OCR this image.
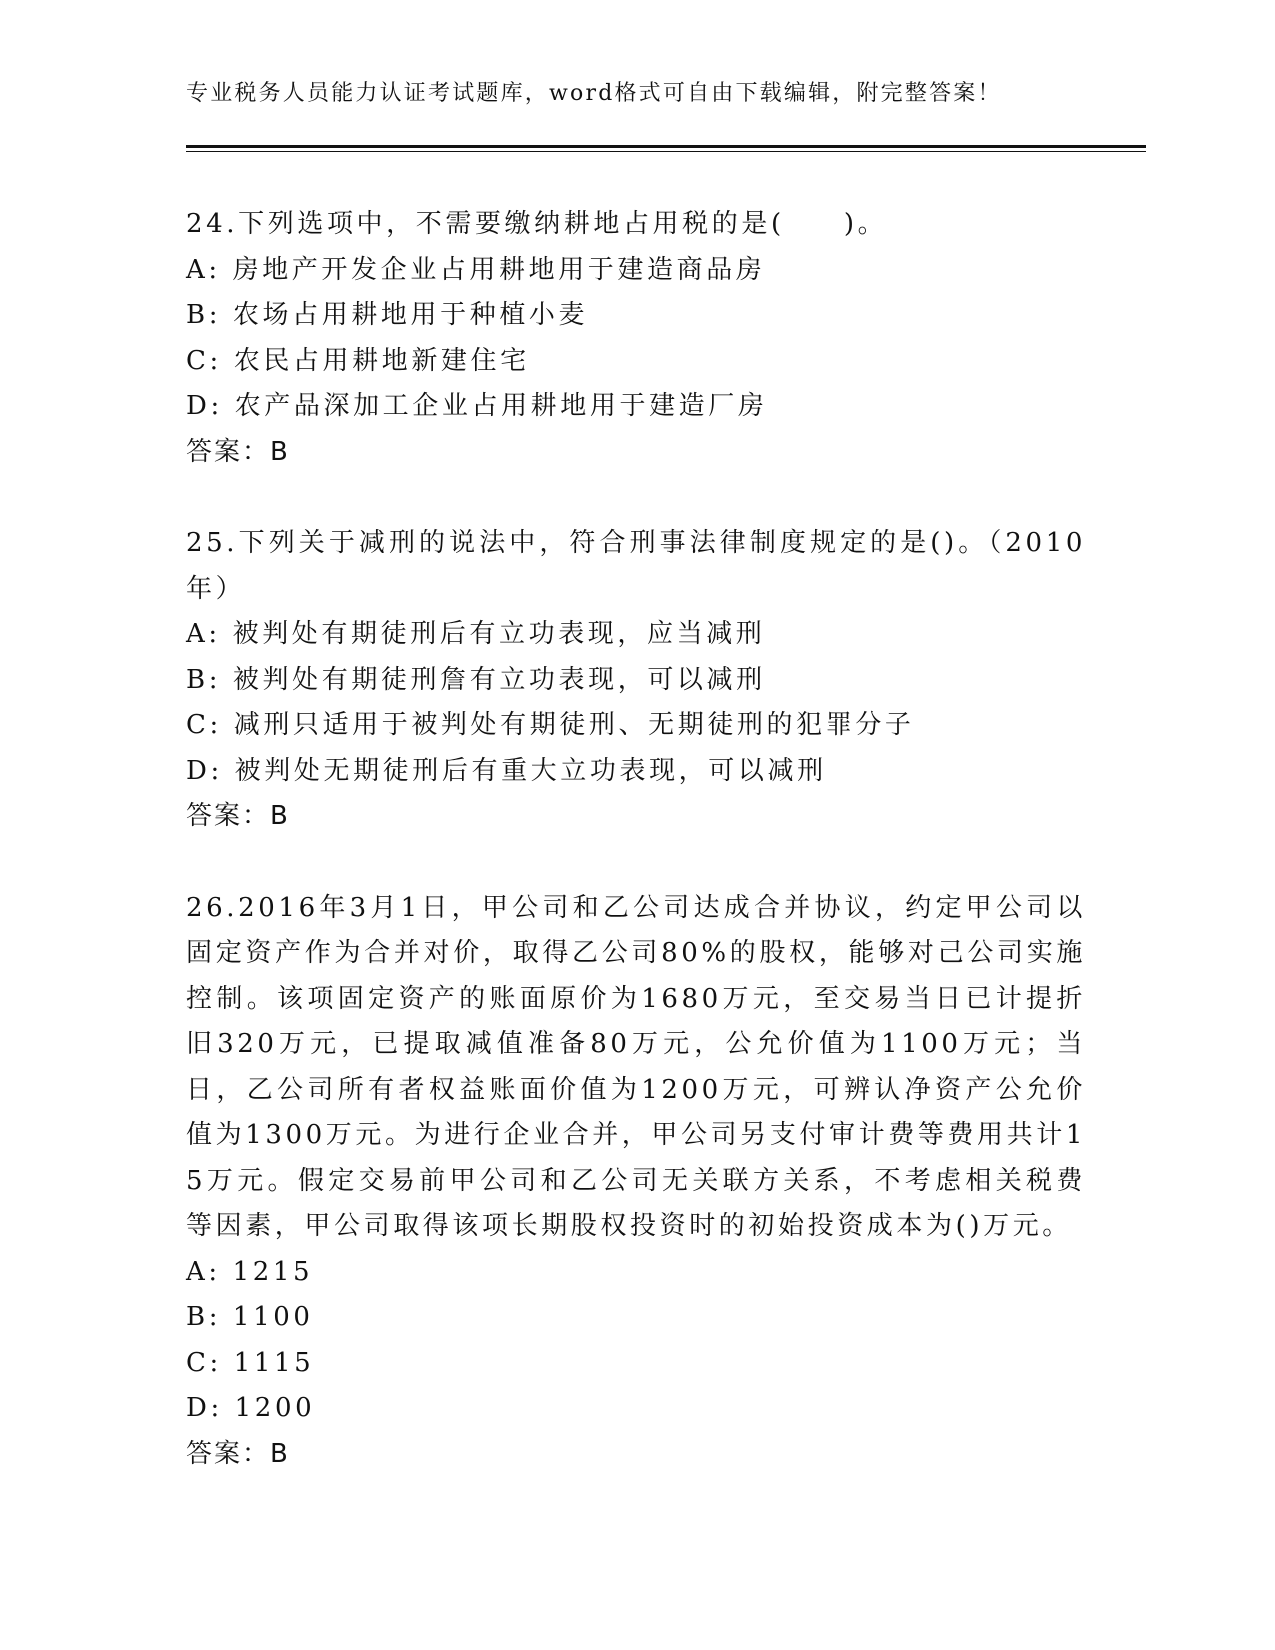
专业税务人员能力认证考试题库，word格式可自由下载编辑，附完整答案！

24.下列选项中，不需要缴纳耕地占用税的是(　　)。

A: 房地产开发企业占用耕地用于建造商品房

B: 农场占用耕地用于种植小麦

C: 农民占用耕地新建住宅

D: 农产品深加工企业占用耕地用于建造厂房

答案：B

25.下列关于减刑的说法中，符合刑事法律制度规定的是()。（2010年）

A: 被判处有期徒刑后有立功表现，应当减刑

B: 被判处有期徒刑詹有立功表现，可以减刑

C: 减刑只适用于被判处有期徒刑、无期徒刑的犯罪分子

D: 被判处无期徒刑后有重大立功表现，可以减刑

答案：B

26.2016年3月1日，甲公司和乙公司达成合并协议，约定甲公司以固定资产作为合并对价，取得乙公司80%的股权，能够对己公司实施控制。该项固定资产的账面原价为1680万元，至交易当日已计提折旧320万元，已提取减值准备80万元，公允价值为1100万元；当日，乙公司所有者权益账面价值为1200万元，可辨认净资产公允价值为1300万元。为进行企业合并，甲公司另支付审计费等费用共计15万元。假定交易前甲公司和乙公司无关联方关系，不考虑相关税费等因素，甲公司取得该项长期股权投资时的初始投资成本为()万元。

A: 1215

B: 1100

C: 1115

D: 1200

答案：B
